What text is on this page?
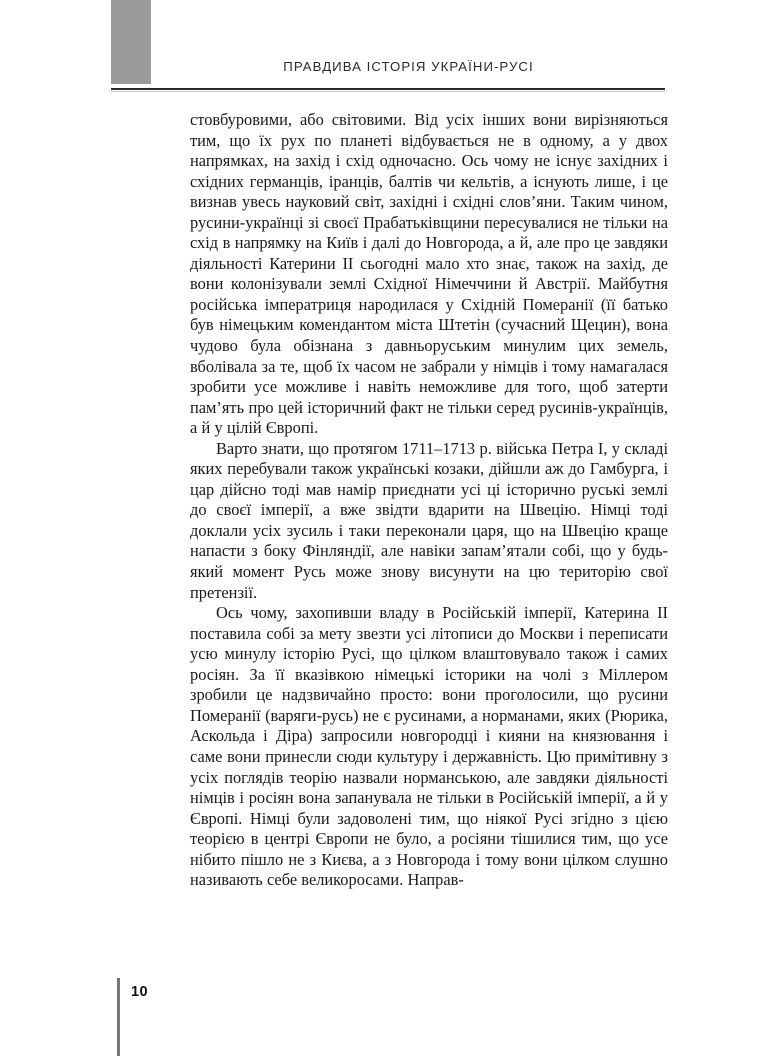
ПРАВДИВА ІСТОРІЯ УКРАЇНИ-РУСІ

стовбуровими, або світовими. Від усіх інших вони вирізняються тим, що їх рух по планеті відбувається не в одному, а у двох напрямках, на захід і схід одночасно. Ось чому не існує західних і східних германців, іранців, балтів чи кельтів, а існують лише, і це визнав увесь науковий світ, західні і східні слов’яни. Таким чином, русини-українці зі своєї Прабатьківщини пересувалися не тільки на схід в напрямку на Київ і далі до Новгорода, а й, але про це завдяки діяльності Катерини II сьогодні мало хто знає, також на захід, де вони колонізували землі Східної Німеччини й Австрії. Майбутня російська імператриця народилася у Східній Померанії (її батько був німецьким комендантом міста Штетін (сучасний Щецин), вона чудово була обізнана з давньоруським минулим цих земель, вболівала за те, щоб їх часом не забрали у німців і тому намагалася зробити усе можливе і навіть неможливе для того, щоб затерти пам’ять про цей історичний факт не тільки серед русинів-українців, а й у цілій Європі.

Варто знати, що протягом 1711–1713 р. війська Петра I, у складі яких перебували також українські козаки, дійшли аж до Гамбурга, і цар дійсно тоді мав намір приєднати усі ці історично руські землі до своєї імперії, а вже звідти вдарити на Швецію. Німці тоді доклали усіх зусиль і таки переконали царя, що на Швецію краще напасти з боку Фінляндії, але навіки запам’ятали собі, що у будь-який момент Русь може знову висунути на цю територію свої претензії.

Ось чому, захопивши владу в Російській імперії, Катерина II поставила собі за мету звезти усі літописи до Москви і переписати усю минулу історію Русі, що цілком влаштовувало також і самих росіян. За її вказівкою німецькі історики на чолі з Міллером зробили це надзвичайно просто: вони проголосили, що русини Померанії (варяги-русь) не є русинами, а норманами, яких (Рюрика, Аскольда і Діра) запросили новгородці і кияни на князювання і саме вони принесли сюди культуру і державність. Цю примітивну з усіх поглядів теорію назвали норманською, але завдяки діяльності німців і росіян вона запанувала не тільки в Російській імперії, а й у Європі. Німці були задоволені тим, що ніякої Русі згідно з цією теорією в центрі Європи не було, а росіяни тішилися тим, що усе нібито пішло не з Києва, а з Новгорода і тому вони цілком слушно називають себе великоросами. Направ-

10
